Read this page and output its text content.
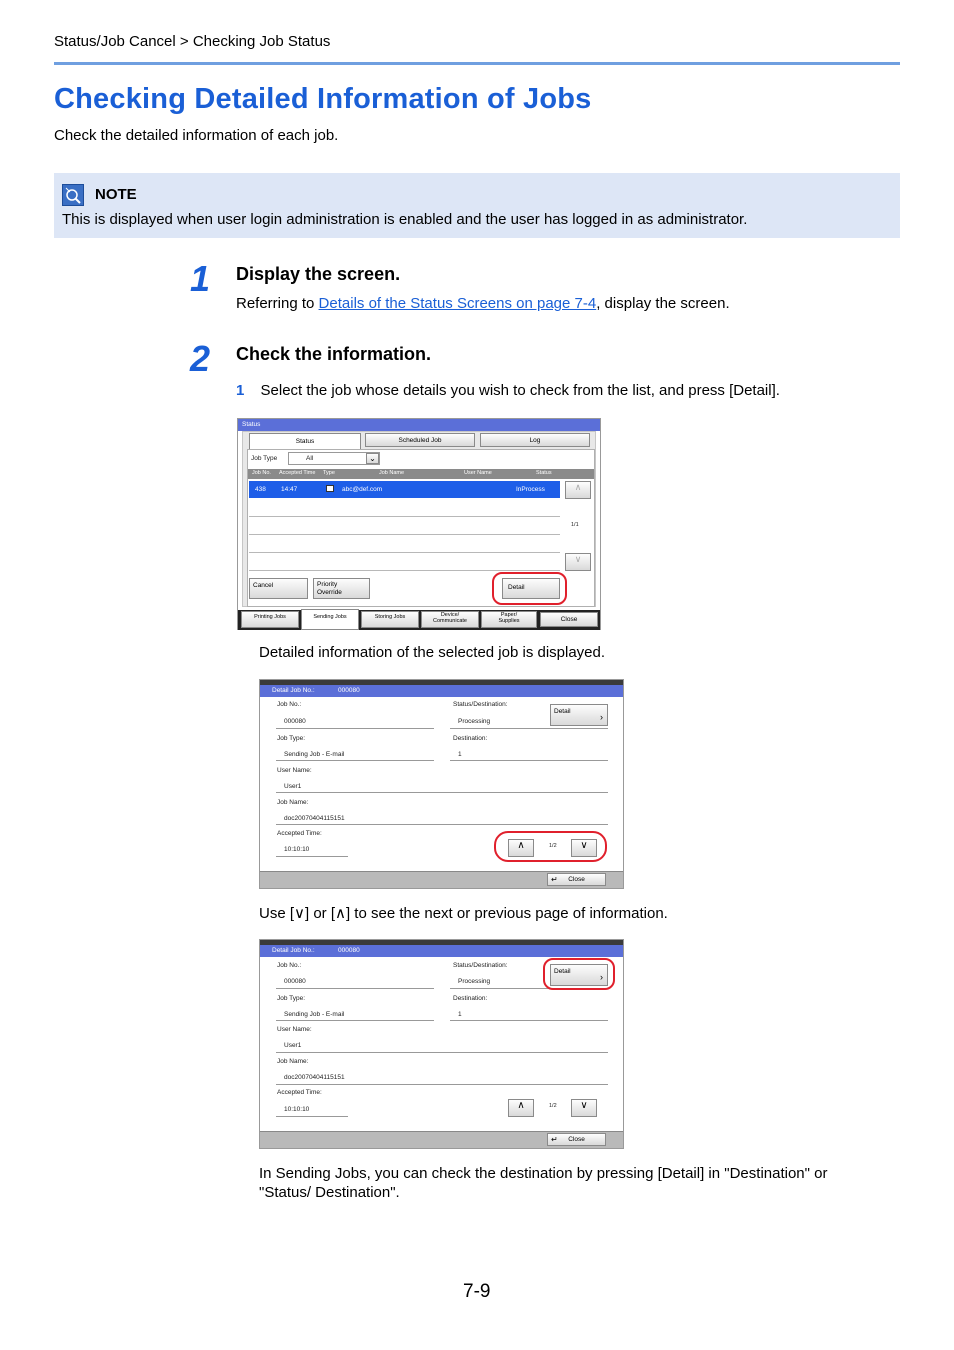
Status/Job Cancel > Checking Job Status
Checking Detailed Information of Jobs
Check the detailed information of each job.
NOTE
This is displayed when user login administration is enabled and the user has logged in as administrator.
1 Display the screen.
Referring to Details of the Status Screens on page 7-4, display the screen.
2 Check the information.
1 Select the job whose details you wish to check from the list, and press [Detail].
Status
Status	Scheduled Job	Log
Job Type	All	⌄
Job No. Accepted Time Type	Job Name	User Name	Status
438 14:47	abc@def.com	InProcess	∧
1/1
∨
Cancel	Priority
Override
Detail
Printing Jobs	Sending Jobs	Storing Jobs	Device/
Communicate
Paper/
Supplies	Close
Detailed information of the selected job is displayed.
Detail Job No.:	000080
Job No.:
000080
Status/Destination:
Processing
Detail
›
Job Type:
Sending Job - E-mail
Destination:
1
User Name:
User1
Job Name:
doc20070404115151
Accepted Time:
10:10:10	∧	1/2	∨
↵ Close
Use [∨] or [∧] to see the next or previous page of information.
Detail Job No.:	000080
Job No.:
000080
Status/Destination:
Processing
Detail
›
Job Type:
Sending Job - E-mail
Destination:
1
User Name:
User1
Job Name:
doc20070404115151
Accepted Time:
10:10:10	∧	1/2	∨
↵ Close
In Sending Jobs, you can check the destination by pressing [Detail] in "Destination" or "Status/ Destination".
7-9
